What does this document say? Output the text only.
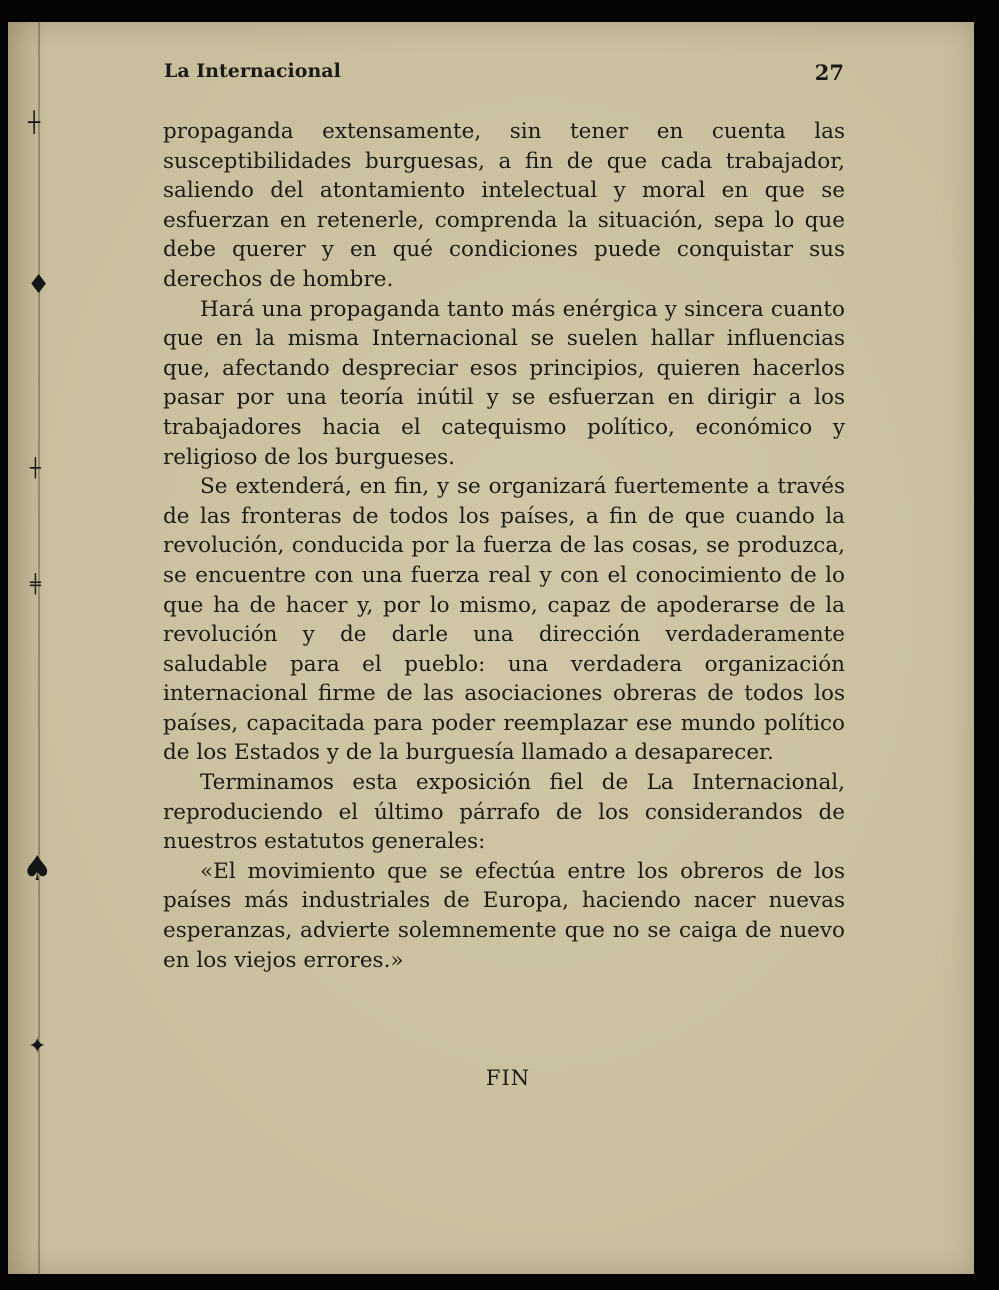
┼
♦
┼
╪
♠
✦
La Internacional	27

propaganda extensamente, sin tener en cuenta las susceptibilidades burguesas, a fin de que cada trabajador, saliendo del atontamiento intelectual y moral en que se esfuerzan en retenerle, comprenda la situación, sepa lo que debe querer y en qué condiciones puede conquistar sus derechos de hombre.

Hará una propaganda tanto más enérgica y sincera cuanto que en la misma Internacional se suelen hallar influencias que, afectando despreciar esos principios, quieren hacerlos pasar por una teoría inútil y se esfuerzan en dirigir a los trabajadores hacia el catequismo político, económico y religioso de los burgueses.

Se extenderá, en fin, y se organizará fuertemente a través de las fronteras de todos los países, a fin de que cuando la revolución, conducida por la fuerza de las cosas, se produzca, se encuentre con una fuerza real y con el conocimiento de lo que ha de hacer y, por lo mismo, capaz de apoderarse de la revolución y de darle una dirección verdaderamente saludable para el pueblo: una verdadera organización internacional firme de las asociaciones obreras de todos los países, capacitada para poder reemplazar ese mundo político de los Estados y de la burguesía llamado a desaparecer.

Terminamos esta exposición fiel de La Internacional, reproduciendo el último párrafo de los considerandos de nuestros estatutos generales:

«El movimiento que se efectúa entre los obreros de los países más industriales de Europa, haciendo nacer nuevas esperanzas, advierte solemnemente que no se caiga de nuevo en los viejos errores.»

FIN
